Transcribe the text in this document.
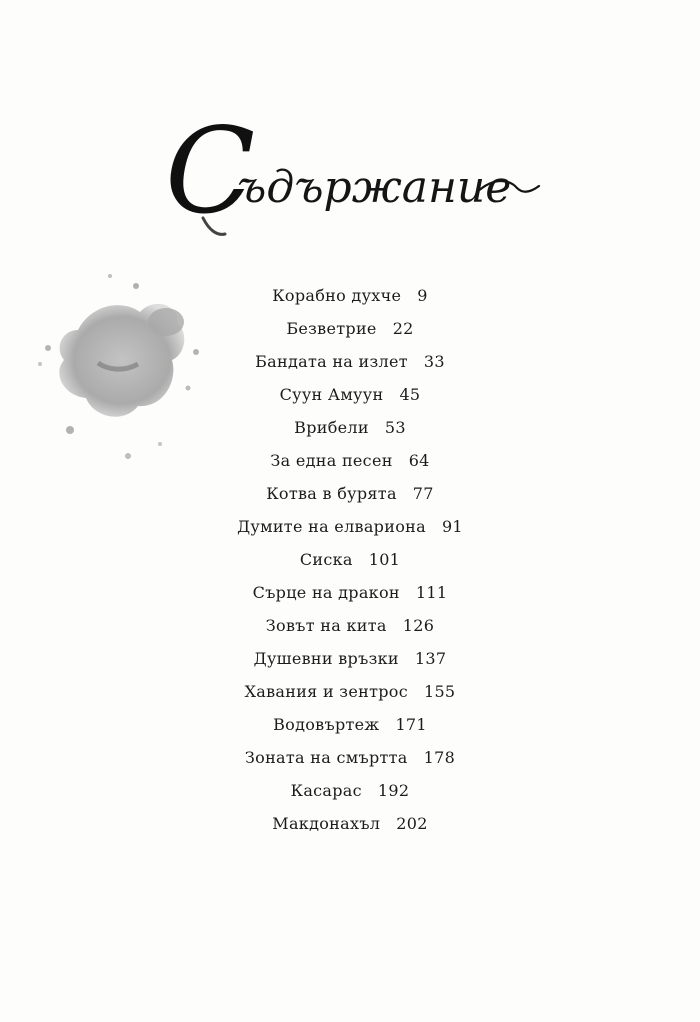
С
ъдържание
Корабно духче 9
Безветрие 22
Бандата на излет 33
Суун Амуун 45
Врибели 53
За една песен 64
Котва в бурята 77
Думите на елвариона 91
Сиска 101
Сърце на дракон 111
Зовът на кита 126
Душевни връзки 137
Хавания и зентрос 155
Водовъртеж 171
Зоната на смъртта 178
Касарас 192
Макдонахъл 202
